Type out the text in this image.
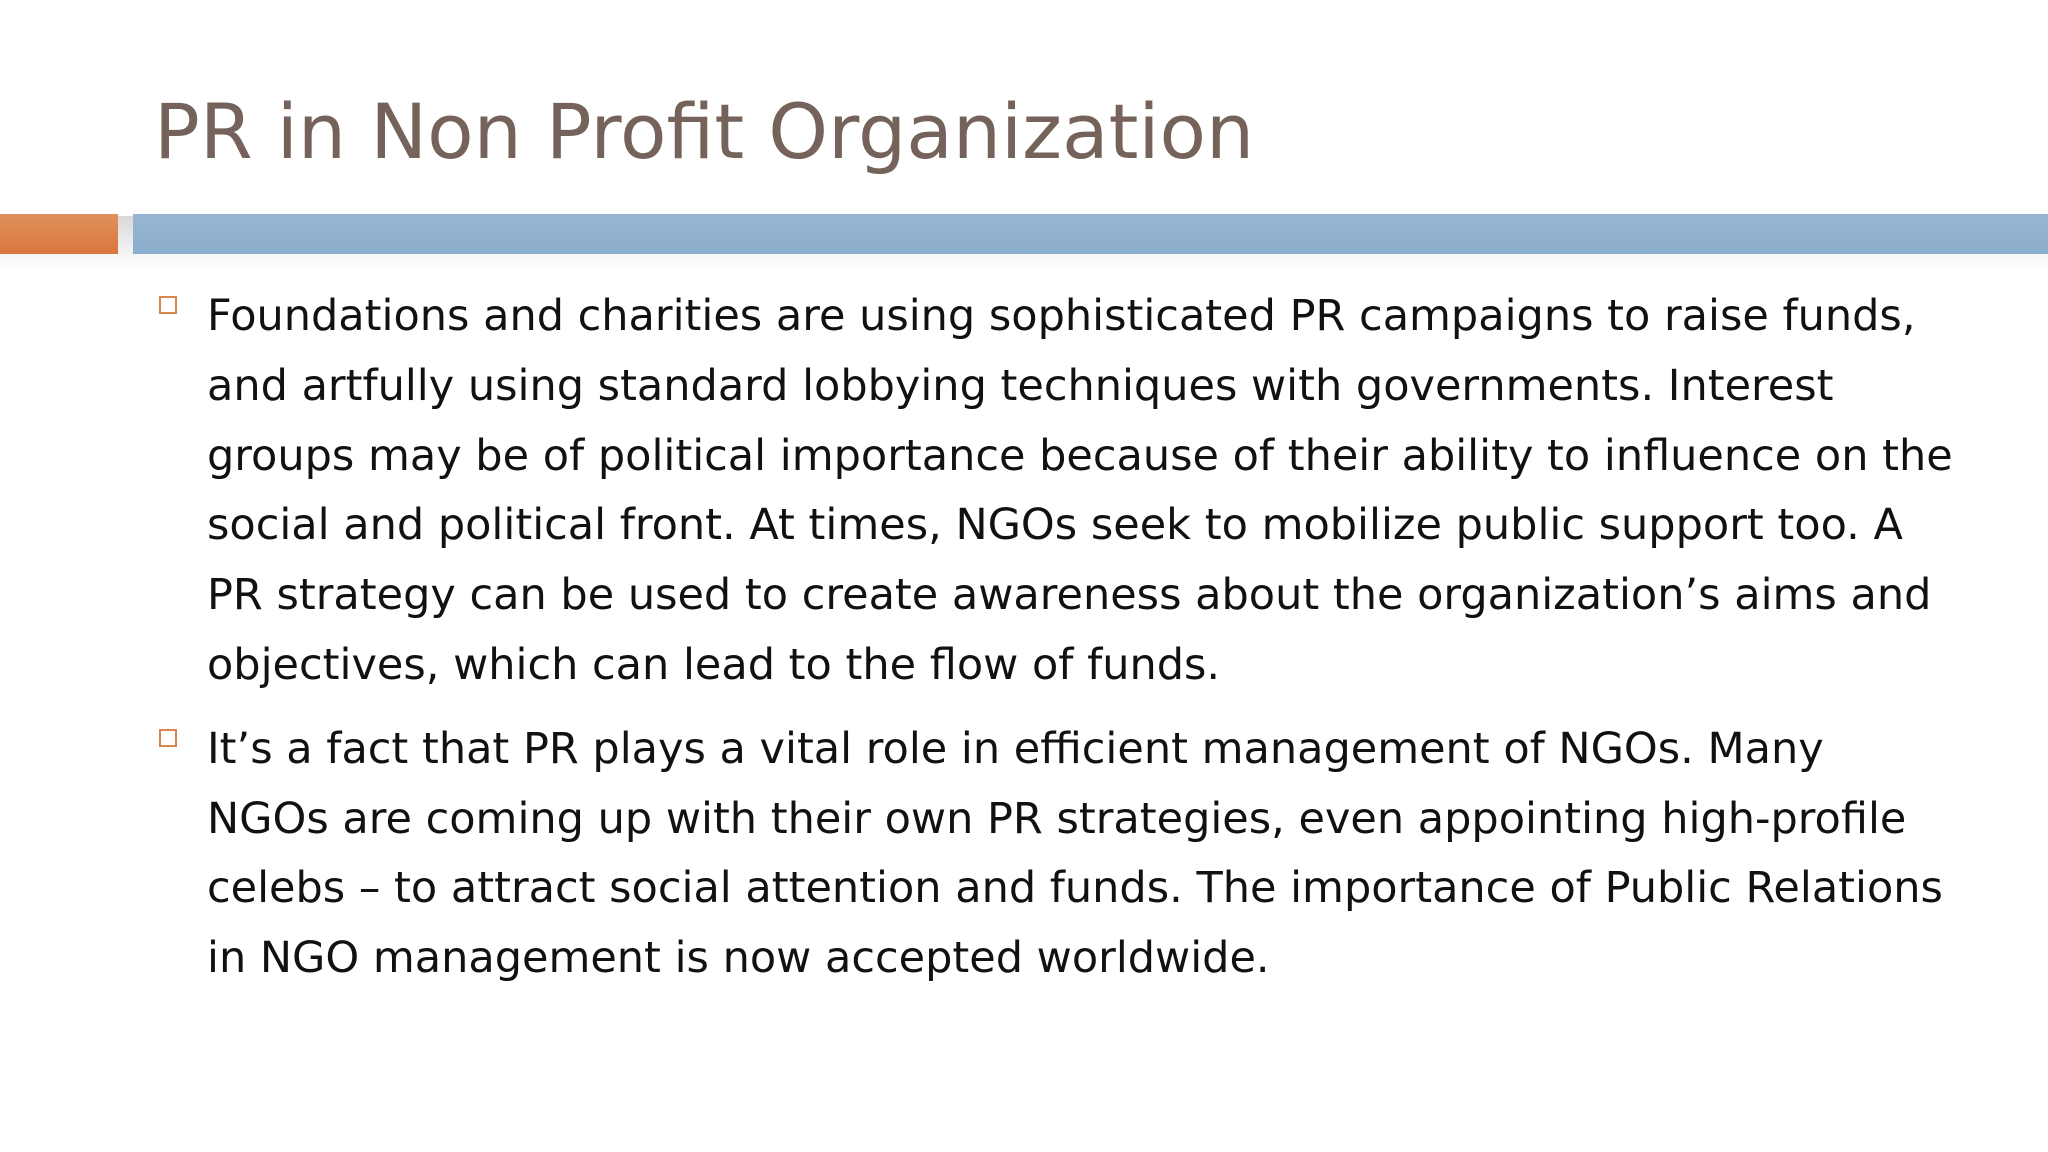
PR in Non Profit Organization
Foundations and charities are using sophisticated PR campaigns to raise funds, and artfully using standard lobbying techniques with governments. Interest groups may be of political importance because of their ability to influence on the social and political front. At times, NGOs seek to mobilize public support too. A PR strategy can be used to create awareness about the organization’s aims and objectives, which can lead to the flow of funds.
It’s a fact that PR plays a vital role in efficient management of NGOs. Many NGOs are coming up with their own PR strategies, even appointing high-profile celebs – to attract social attention and funds. The importance of Public Relations in NGO management is now accepted worldwide.
